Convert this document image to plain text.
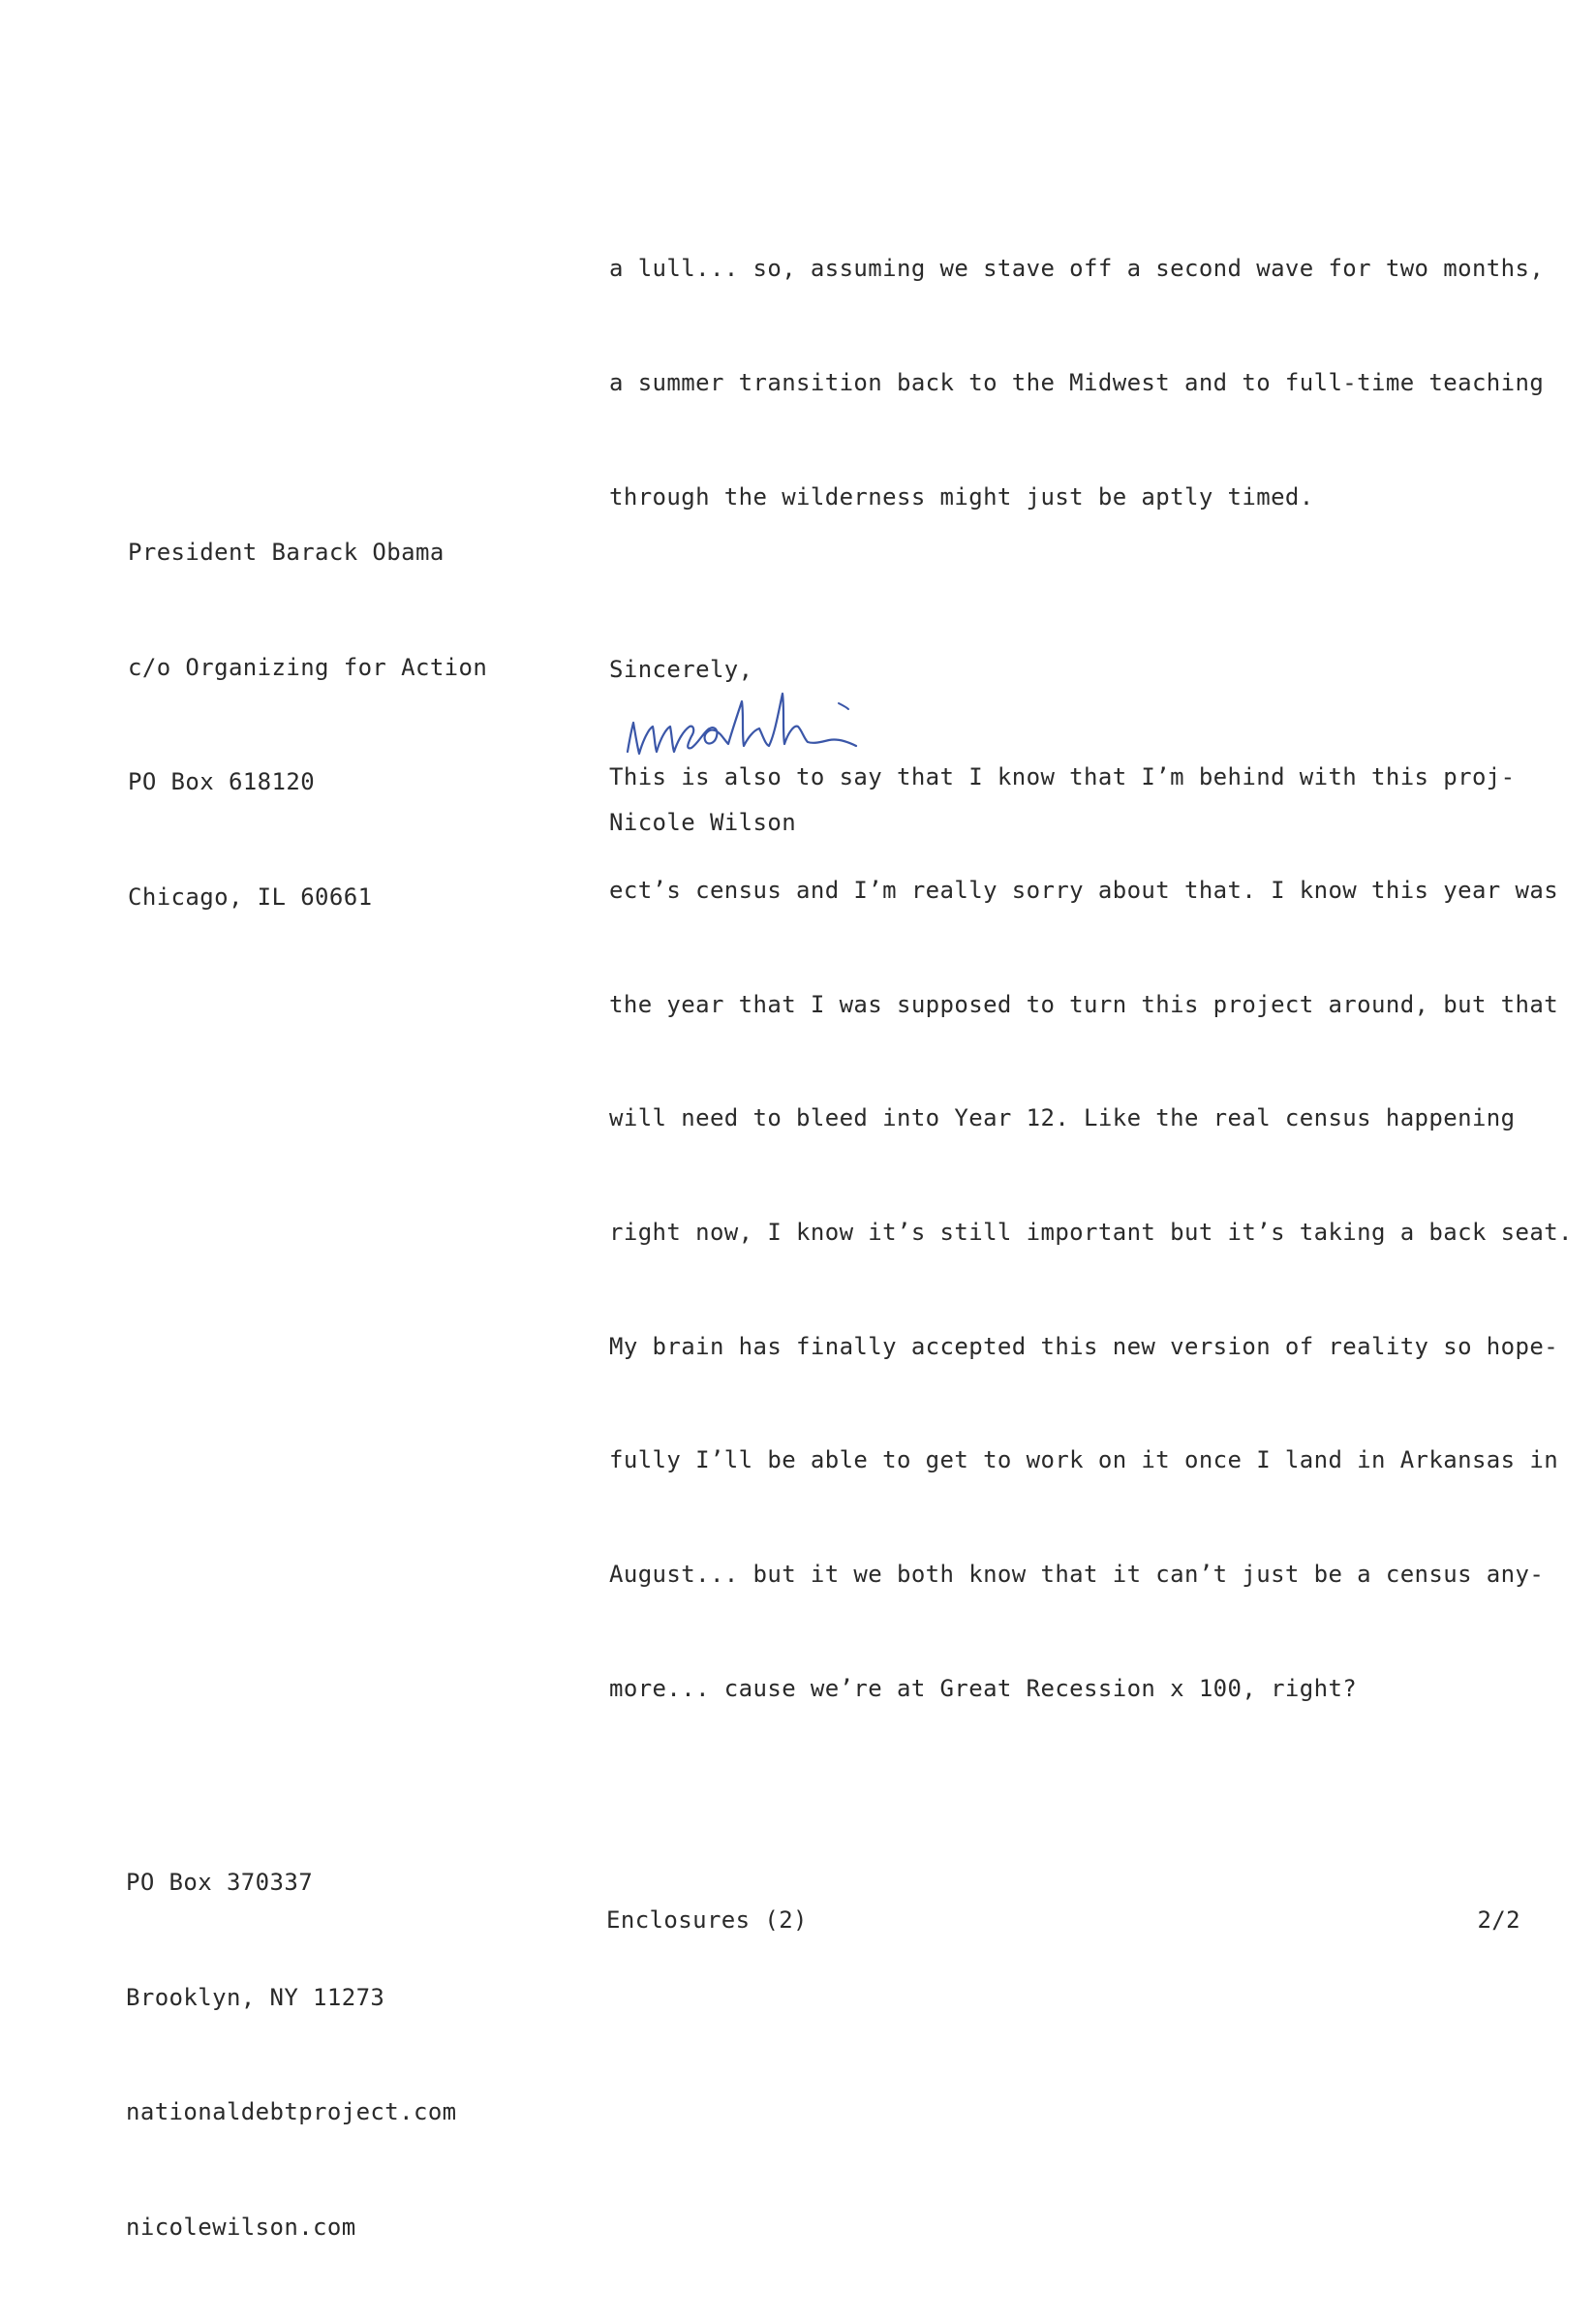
President Barack Obama

c/o Organizing for Action

PO Box 618120

Chicago, IL 60661

a lull... so, assuming we stave off a second wave for two months,

a summer transition back to the Midwest and to full-time teaching

through the wilderness might just be aptly timed.

This is also to say that I know that I’m behind with this proj-

ect’s census and I’m really sorry about that. I know this year was

the year that I was supposed to turn this project around, but that

will need to bleed into Year 12. Like the real census happening

right now, I know it’s still important but it’s taking a back seat.

My brain has finally accepted this new version of reality so hope-

fully I’ll be able to get to work on it once I land in Arkansas in

August... but it we both know that it can’t just be a census any-

more... cause we’re at Great Recession x 100, right?

Sincerely,
Nicole Wilson

PO Box 370337

Brooklyn, NY 11273

nationaldebtproject.com

nicolewilson.com

Enclosures (2)	2/2
